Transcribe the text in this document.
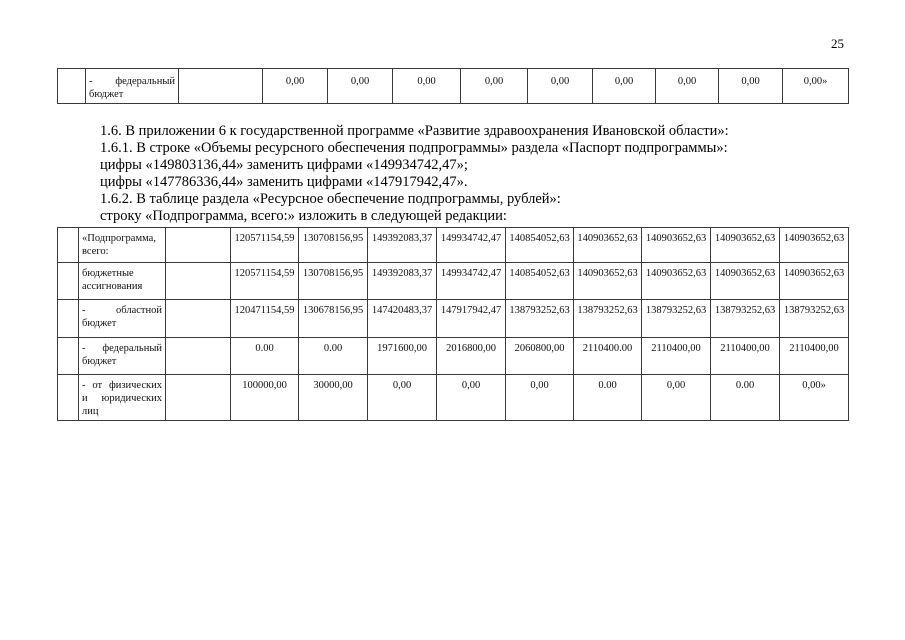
25
	- федеральный
бюджет		0,00	0,00	0,00	0,00	0,00	0,00	0,00	0,00	0,00»
1.6. В приложении 6 к государственной программе «Развитие здравоохранения Ивановской области»:
1.6.1. В строке «Объемы ресурсного обеспечения подпрограммы» раздела «Паспорт подпрограммы»:
цифры «149803136,44» заменить цифрами «149934742,47»;
цифры «147786336,44» заменить цифрами «147917942,47».
1.6.2. В таблице раздела «Ресурсное обеспечение подпрограммы, рублей»:
строку «Подпрограмма, всего:» изложить в следующей редакции:
	«Подпрограмма,
всего:		120571154,59	130708156,95	149392083,37	149934742,47	140854052,63	140903652,63	140903652,63	140903652,63	140903652,63
	бюджетные
ассигнования		120571154,59	130708156,95	149392083,37	149934742,47	140854052,63	140903652,63	140903652,63	140903652,63	140903652,63
	- областной
бюджет		120471154,59	130678156,95	147420483,37	147917942,47	138793252,63	138793252,63	138793252,63	138793252,63	138793252,63
	- федеральный
бюджет		0.00	0.00	1971600,00	2016800,00	2060800,00	2110400.00	2110400,00	2110400,00	2110400,00
	- от физических
и юридических
лиц		100000,00	30000,00	0,00	0,00	0,00	0.00	0,00	0.00	0,00»
